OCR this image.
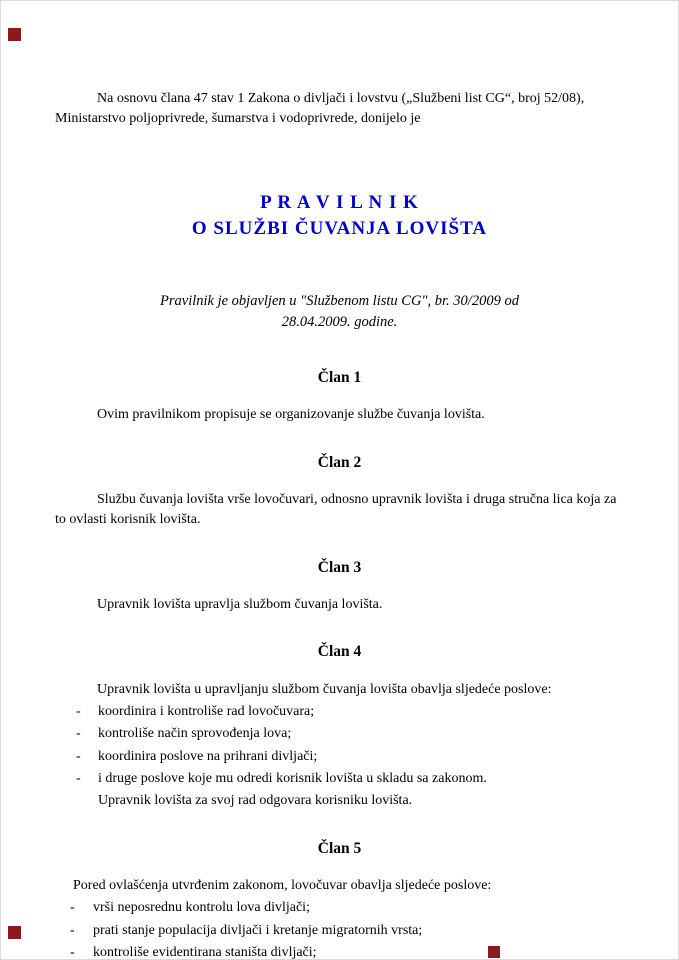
Na osnovu člana 47 stav 1 Zakona o divljači i lovstvu („Službeni list CG“, broj 52/08), Ministarstvo poljoprivrede, šumarstva i vodoprivrede, donijelo je

P R A V I L N I K
O SLUŽBI ČUVANJA LOVIŠTA

Pravilnik je objavljen u "Službenom listu CG", br. 30/2009 od 28.04.2009. godine.

Član 1
Ovim pravilnikom propisuje se organizovanje službe čuvanja lovišta.
Član 2
Službu čuvanja lovišta vrše lovočuvari, odnosno upravnik lovišta i druga stručna lica koja za to ovlasti korisnik lovišta.
Član 3
Upravnik lovišta upravlja službom čuvanja lovišta.
Član 4
Upravnik lovišta u upravljanju službom čuvanja lovišta obavlja sljedeće poslove:
- koordinira i kontroliše rad lovočuvara;
- kontroliše način sprovođenja lova;
- koordinira poslove na prihrani divljači;
- i druge poslove koje mu odredi korisnik lovišta u skladu sa zakonom.
Upravnik lovišta za svoj rad odgovara korisniku lovišta.
Član 5
Pored ovlašćenja utvrđenim zakonom, lovočuvar obavlja sljedeće poslove:
- vrši neposrednu kontrolu lova divljači;
- prati stanje populacija divljači i kretanje migratornih vrsta;
- kontroliše evidentirana staništa divljači;
